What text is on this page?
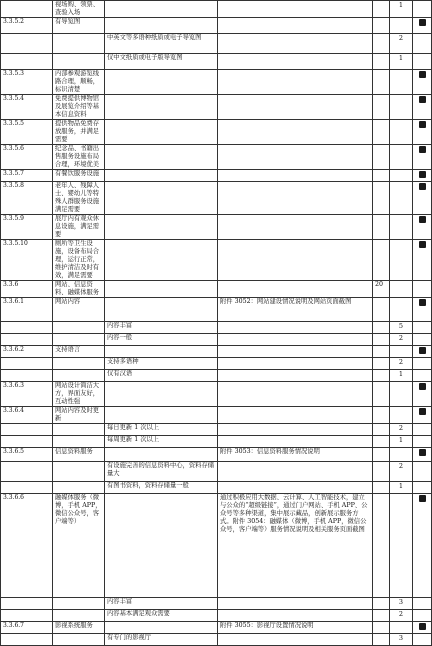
	视场购、领票、查验入场				1	
3.3.5.2	有导览图					
		中英文等多语种纸质或电子导览图			2	
		仅中文纸质或电子版导览图			1	
3.3.5.3	内部参观游览线路合理，顺畅，标识清楚					
3.3.5.4	免费提供博物馆及展览介绍等基本信息资料					
3.3.5.5	提供物品免费存放服务，并满足需要					
3.3.5.6	纪念品、书籍出售服务设施布局合理，环境优美					
3.3.5.7	有餐饮服务设施					
3.3.5.8	老年人、残障人士、婴幼儿等特殊人群服务设施满足需要					
3.3.5.9	展厅内有观众休息设施，满足需要					
3.3.5.10	厕所等卫生设施，设备布局合理，运行正常，维护清洁及时有效，满足需要					
3.3.6	网站、信息资料、融媒体服务			20		
3.3.6.1	网站内容		附件 3052：网站建设情况说明及网站页面截图			
		内容丰富			5	
		内容一般			2	
3.3.6.2	支持语言					
		支持多语种			2	
		仅有汉语			1	
3.3.6.3	网站设计简洁大方，界面友好，互动性强					
3.3.6.4	网站内容及时更新					
		每日更新 1 次以上			2	
		每周更新 1 次以上			1	
3.3.6.5	信息资料服务		附件 3053：信息资料服务情况说明			
		有设施完善的信息资料中心，资料存储量大			2	
		有图书资料，资料存储量一般			1	
3.3.6.6	融媒体服务（微博，手机 APP，微信公众号，客户端等）		通过积极应用大数据、云计算、人工智能技术，建立与公众的“超级链接”，通过门户网站、手机 APP、公众号等多种渠道，集中展示藏品，创新展示服务方式。附件 3054：融媒体（微博，手机 APP，微信公众号，客户端等）服务情况说明及相关服务页面截图			
		内容丰富			3	
		内容基本满足观众需要			2	
3.3.6.7	影视系统服务		附件 3055：影视厅设置情况说明			
		有专门的影视厅			3	
